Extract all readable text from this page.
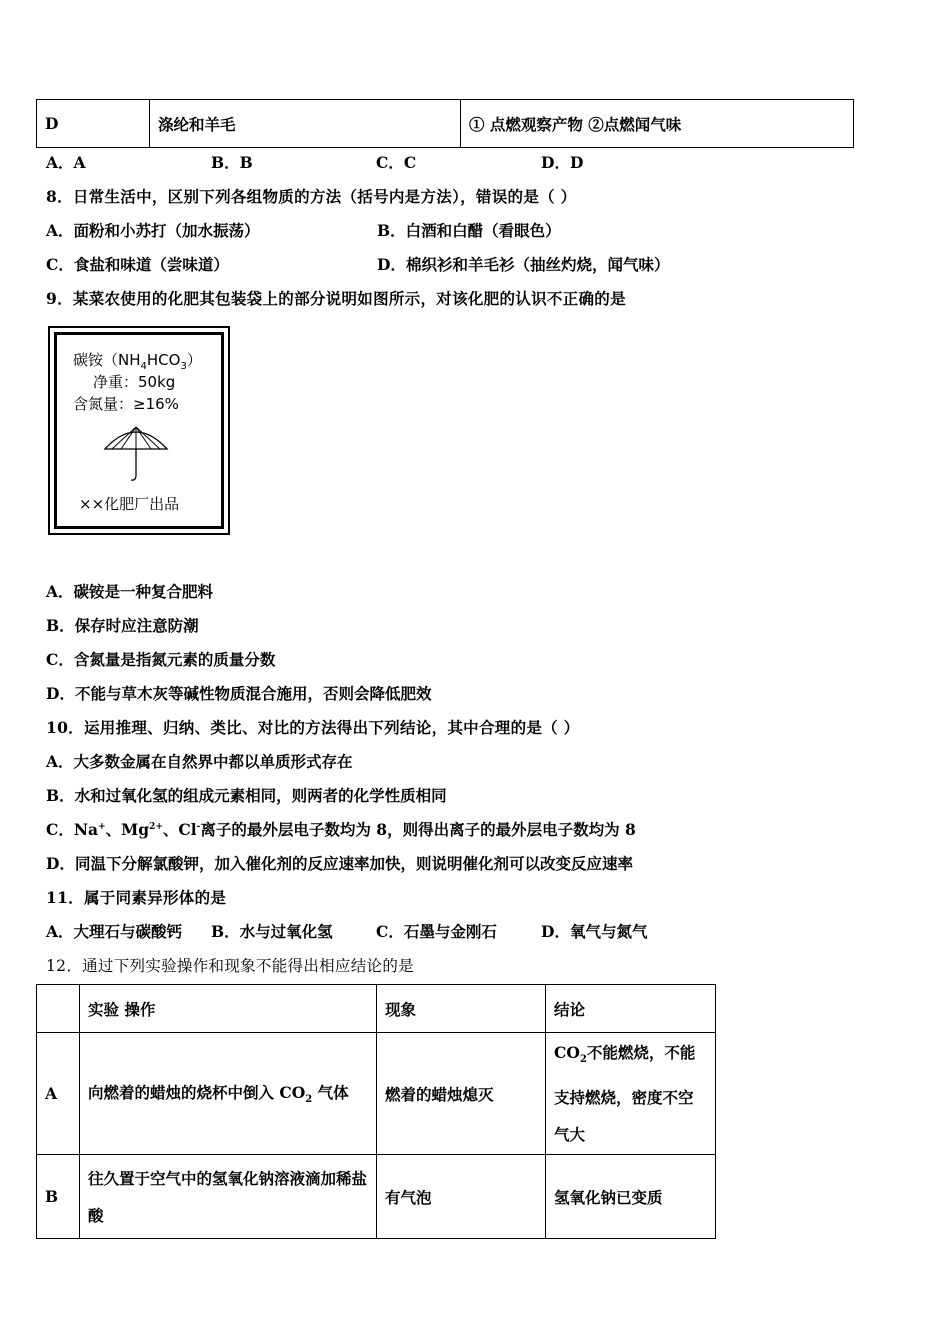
D	涤纶和羊毛	① 点燃观察产物 ②点燃闻气味
A．A	B．B	C．C	D．D
8．日常生活中，区别下列各组物质的方法（括号内是方法），错误的是（ ）
A．面粉和小苏打（加水振荡）	B．白酒和白醋（看眼色）
C．食盐和味道（尝味道）	D．棉织衫和羊毛衫（抽丝灼烧，闻气味）
9．某菜农使用的化肥其包装袋上的部分说明如图所示，对该化肥的认识不正确的是
碳铵$(NH_4HCO_3)$
净重：50kg
含氮量：≥16%
××化肥厂出品
A．碳铵是一种复合肥料
B．保存时应注意防潮
C．含氮量是指氮元素的质量分数
D．不能与草木灰等碱性物质混合施用，否则会降低肥效
10．运用推理、归纳、类比、对比的方法得出下列结论，其中合理的是（ ）
A．大多数金属在自然界中都以单质形式存在
B．水和过氧化氢的组成元素相同，则两者的化学性质相同
C．Na+、$Mg^{2+}$、Cl-离子的最外层电子数均为 8，则得出离子的最外层电子数均为 8
D．同温下分解氯酸钾，加入催化剂的反应速率加快，则说明催化剂可以改变反应速率
11．属于同素异形体的是
A．大理石与碳酸钙 B．水与过氧化氢	C．石墨与金刚石	D．氧气与氮气
12．通过下列实验操作和现象不能得出相应结论的是
	实验 操作	现象	结论
A	向燃着的蜡烛的烧杯中倒入 $CO_2$ 气体	燃着的蜡烛熄灭	$CO_2$不能燃烧，不能支持燃烧，密度不空气大
B	往久置于空气中的氢氧化钠溶液滴加稀盐酸	有气泡	氢氧化钠已变质
